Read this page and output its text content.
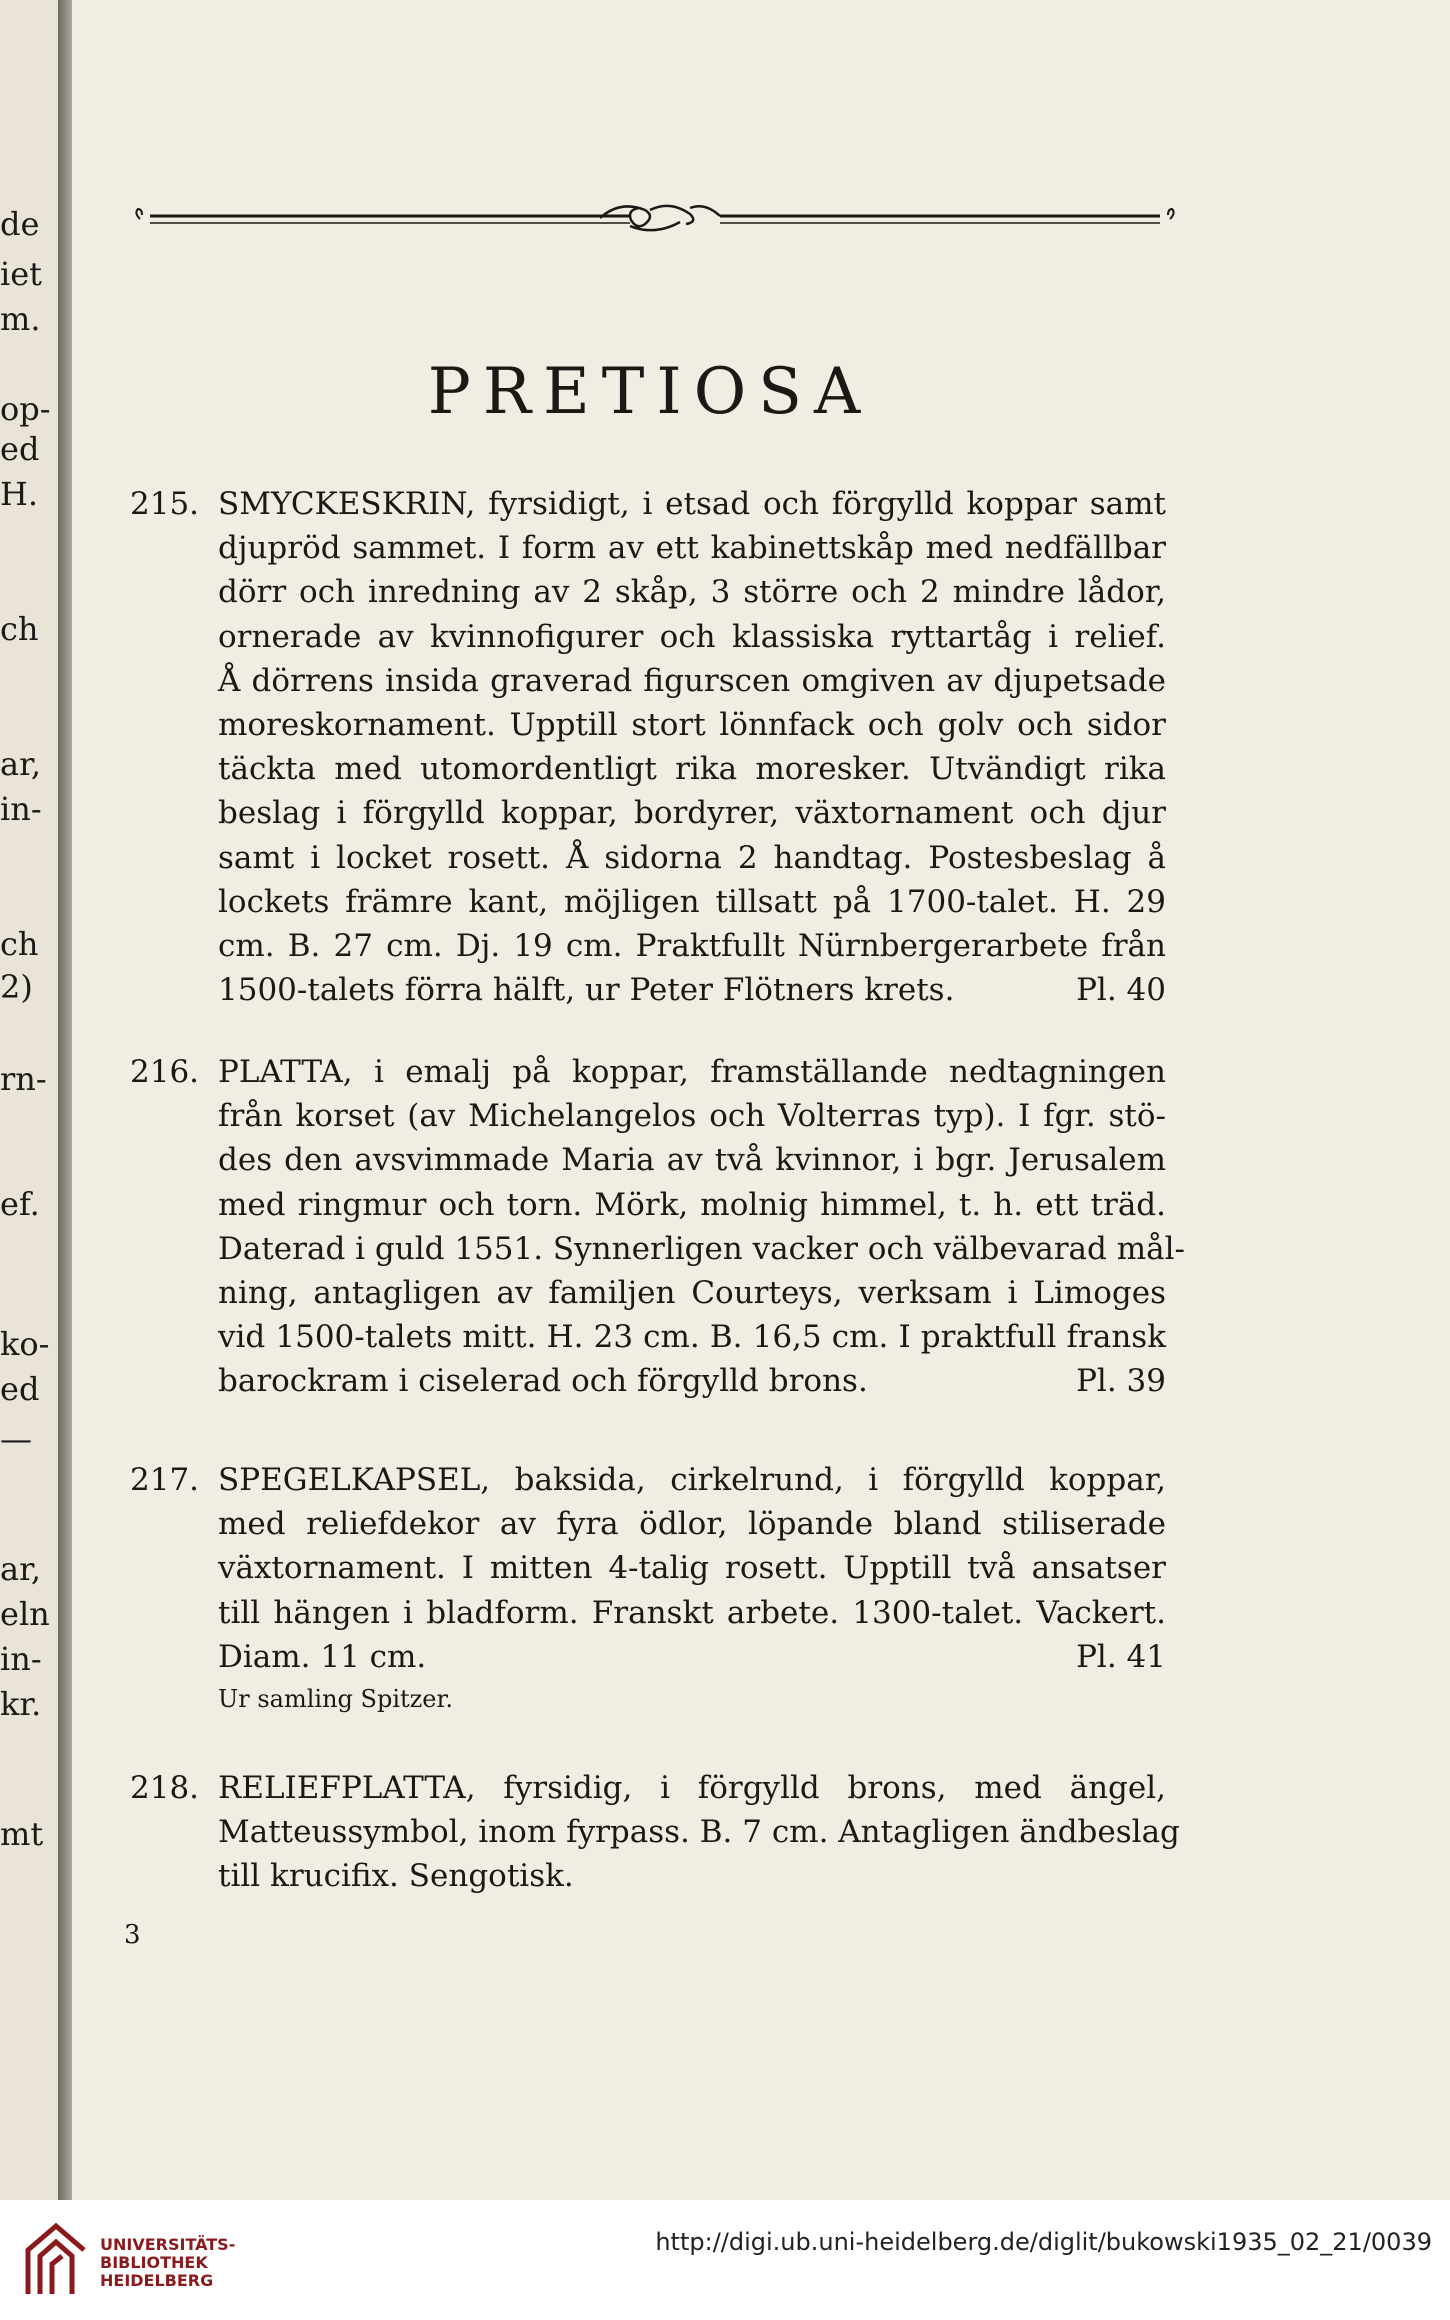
de
iet
m.
op-
ed
H.
ch
ar,
in-
ch
2)
rn-
ef.
ko-
ed
—
ar,
eln
in-
kr.
mt
PRETIOSA
215. SMYCKESKRIN, fyrsidigt, i etsad och förgylld koppar samt
djupröd sammet. I form av ett kabinettskåp med nedfällbar
dörr och inredning av 2 skåp, 3 större och 2 mindre lådor,
ornerade av kvinnofigurer och klassiska ryttartåg i relief.
Å dörrens insida graverad figurscen omgiven av djupetsade
moreskornament. Upptill stort lönnfack och golv och sidor
täckta med utomordentligt rika moresker. Utvändigt rika
beslag i förgylld koppar, bordyrer, växtornament och djur
samt i locket rosett. Å sidorna 2 handtag. Postesbeslag å
lockets främre kant, möjligen tillsatt på 1700-talet. H. 29
cm. B. 27 cm. Dj. 19 cm. Praktfullt Nürnbergerarbete från
1500-talets förra hälft, ur Peter Flötners krets.	Pl. 40
216. PLATTA, i emalj på koppar, framställande nedtagningen
från korset (av Michelangelos och Volterras typ). I fgr. stö-
des den avsvimmade Maria av två kvinnor, i bgr. Jerusalem
med ringmur och torn. Mörk, molnig himmel, t. h. ett träd.
Daterad i guld 1551. Synnerligen vacker och välbevarad mål-
ning, antagligen av familjen Courteys, verksam i Limoges
vid 1500-talets mitt. H. 23 cm. B. 16,5 cm. I praktfull fransk
barockram i ciselerad och förgylld brons.	Pl. 39
217. SPEGELKAPSEL, baksida, cirkelrund, i förgylld koppar,
med reliefdekor av fyra ödlor, löpande bland stiliserade
växtornament. I mitten 4-talig rosett. Upptill två ansatser
till hängen i bladform. Franskt arbete. 1300-talet. Vackert.
Diam. 11 cm.	Pl. 41
Ur samling Spitzer.
218. RELIEFPLATTA, fyrsidig, i förgylld brons, med ängel,
Matteussymbol, inom fyrpass. B. 7 cm. Antagligen ändbeslag
till krucifix. Sengotisk.
3
UNIVERSITÄTS-
BIBLIOTHEK
HEIDELBERG
http://digi.ub.uni-heidelberg.de/diglit/bukowski1935_02_21/0039
